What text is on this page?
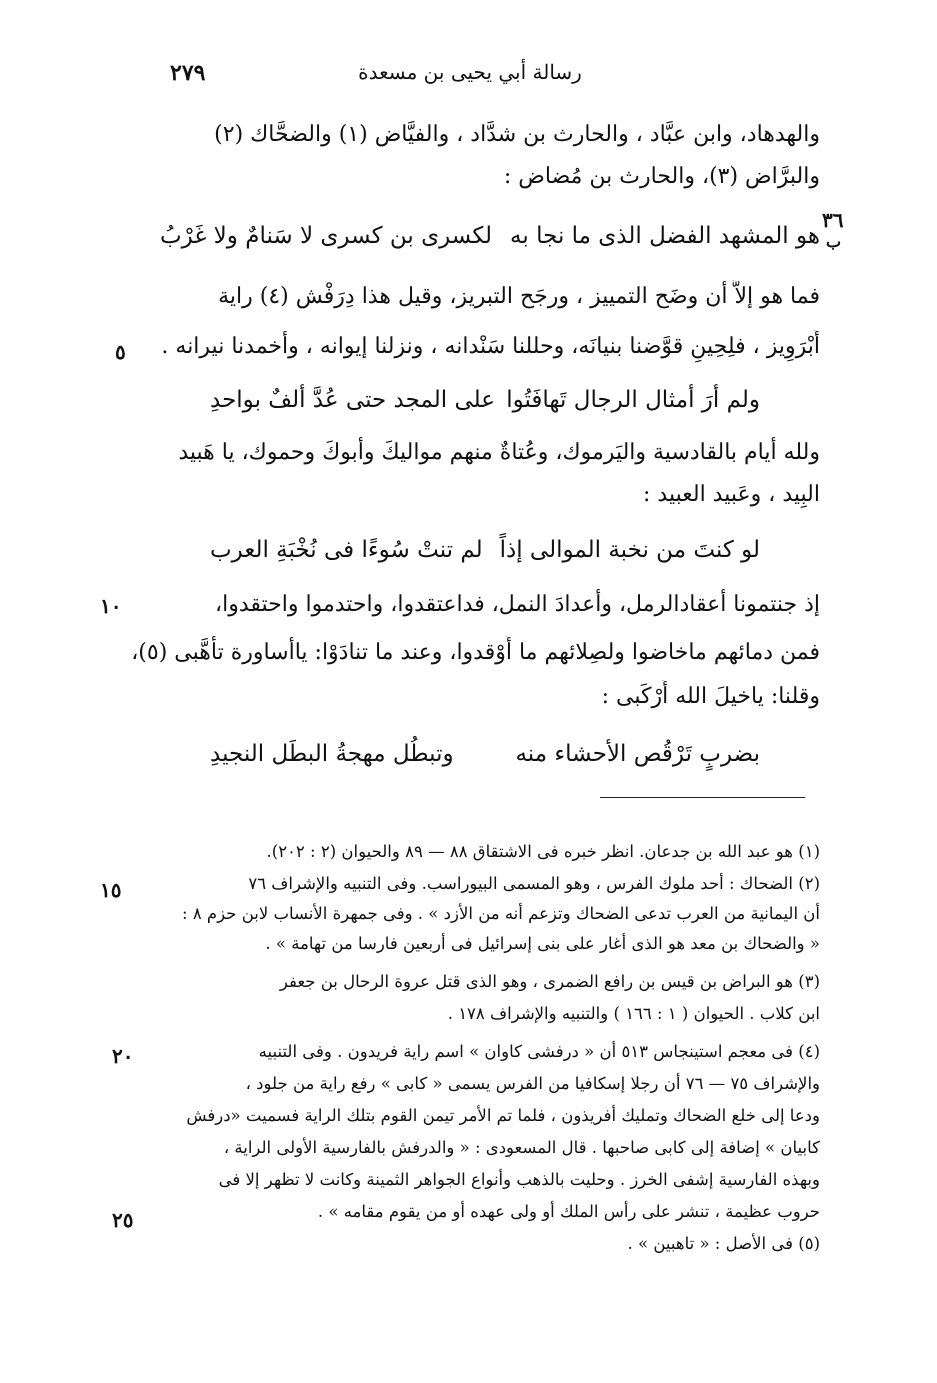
رسالة أبي يحيى بن مسعدة
٢٧٩
والهدهاد، وابن عبَّاد ، والحارث بن شدَّاد ، والفيَّاض (١) والضحَّاك (٢)
والبرَّاض (٣)، والحارث بن مُضاض :
٣٦
ب
هو المشهد الفضل الذى ما نجا به
لكسرى بن كسرى لا سَنامٌ ولا غَرْبُ
فما هو إلاَّ أن وضَح التمييز ، ورجَح التبريز، وقيل هذا دِرَفْش (٤) راية
أَبْرَوِيز ، فلِحِينِ قوَّضنا بنيانَه، وحللنا سَنْدانه ، ونزلنا إيوانه ، وأخمدنا نيرانه .
٥
ولم أرَ أمثال الرجال تَهافَتُوا
على المجد حتى عُدَّ ألفٌ بواحدِ
ولله أيام بالقادسية واليَرموك، وعُتاةٌ منهم مواليكَ وأبوكَ وحموك، يا هَبيد
البِيد ، وعَبيد العبيد :
لو كنتَ من نخبة الموالى إذاً
لم تنتْ سُوءًا فى نُخْبَةِ العرب
إذ جنتمونا أعقادالرمل، وأعدادَ النمل، فداعتقدوا، واحتدموا واحتقدوا،
١٠
فمن دمائهم ماخاضوا ولصِلائهم ما أَوْقدوا، وعند ما تنادَوْا: ياأساورة تأهَّبى (٥)،
وقلنا: ياخيلَ الله أَرْكَبى :
بضربٍ تَرْقُص الأحشاء منه
وتبطُل مهجةُ البطَل النجيدِ
(١) هو عبد الله بن جدعان. انظر خبره فى الاشتقاق ٨٨ — ٨٩ والحيوان (٢ : ٢٠٢).
(٢) الضحاك : أحد ملوك الفرس ، وهو المسمى البيوراسب. وفى التنبيه والإشراف ٧٦
١٥
أن اليمانية من العرب تدعى الضحاك وتزعم أنه من الأزد » . وفى جمهرة الأنساب لابن حزم ٨ :
« والضحاك بن معد هو الذى أغار على بنى إسرائيل فى أربعين فارسا من تهامة » .
(٣) هو البراض بن قيس بن رافع الضمرى ، وهو الذى قتل عروة الرحال بن جعفر
ابن كلاب . الحيوان ( ١ : ١٦٦ ) والتنبيه والإشراف ١٧٨ .
(٤) فى معجم استينجاس ٥١٣ أن « درفشى كاوان » اسم راية فريدون . وفى التنبيه
٢٠
والإشراف ٧٥ — ٧٦ أن رجلا إسكافيا من الفرس يسمى « كابى » رفع راية من جلود ،
ودعا إلى خلع الضحاك وتمليك أفريذون ، فلما تم الأمر تيمن القوم بتلك الراية فسميت «درفش
كابيان » إضافة إلى كابى صاحبها . قال المسعودى : « والدرفش بالفارسية الأولى الراية ،
وبهذه الفارسية إشفى الخرز . وحليت بالذهب وأنواع الجواهر الثمينة وكانت لا تظهر إلا فى
حروب عظيمة ، تنشر على رأس الملك أو ولى عهده أو من يقوم مقامه » .
٢٥
(٥) فى الأصل : « تاهبين » .
